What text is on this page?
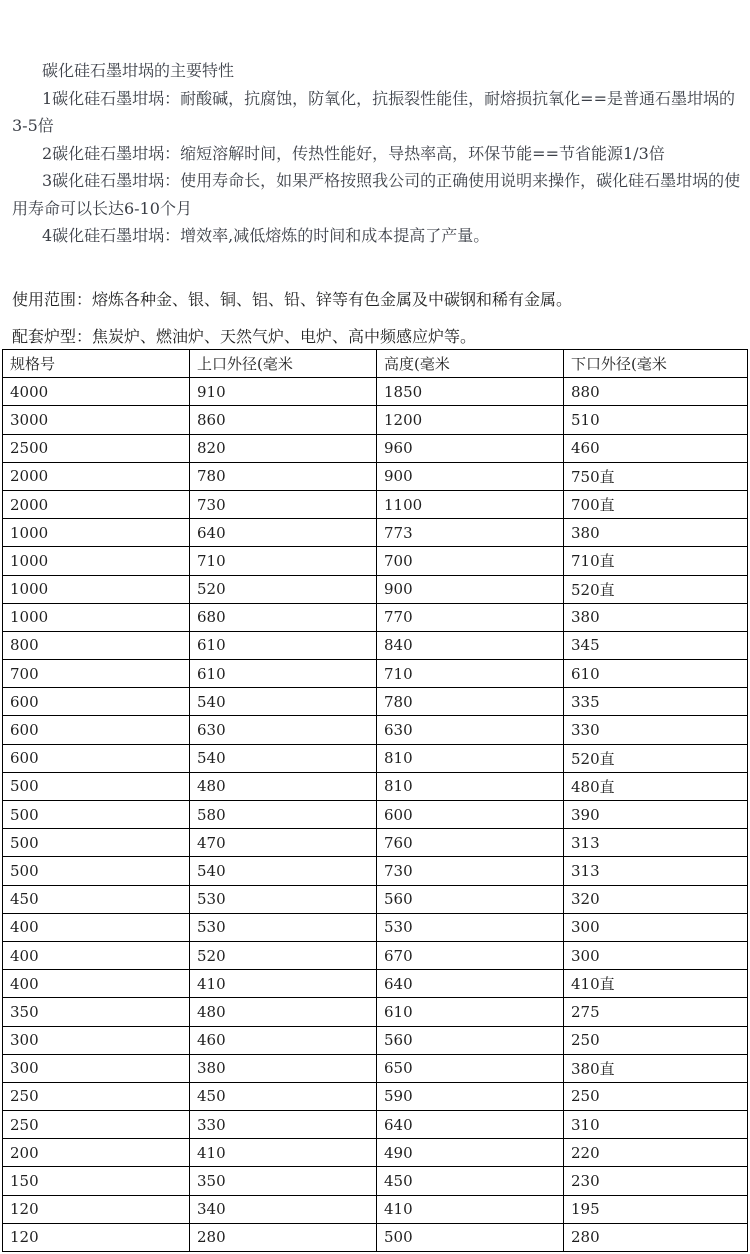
碳化硅石墨坩埚的主要特性

1碳化硅石墨坩埚：耐酸碱，抗腐蚀，防氧化，抗振裂性能佳，耐熔损抗氧化==是普通石墨坩埚的3-5倍

2碳化硅石墨坩埚：缩短溶解时间，传热性能好，导热率高，环保节能==节省能源1/3倍

3碳化硅石墨坩埚：使用寿命长，如果严格按照我公司的正确使用说明来操作，碳化硅石墨坩埚的使用寿命可以长达6-10个月

4碳化硅石墨坩埚：增效率,减低熔炼的时间和成本提高了产量。

使用范围：熔炼各种金、银、铜、铝、铅、锌等有色金属及中碳钢和稀有金属。
配套炉型：焦炭炉、燃油炉、天然气炉、电炉、高中频感应炉等。
规格号	上口外径(毫米	高度(毫米	下口外径(毫米
4000	910	1850	880
3000	860	1200	510
2500	820	960	460
2000	780	900	750直
2000	730	1100	700直
1000	640	773	380
1000	710	700	710直
1000	520	900	520直
1000	680	770	380
800	610	840	345
700	610	710	610
600	540	780	335
600	630	630	330
600	540	810	520直
500	480	810	480直
500	580	600	390
500	470	760	313
500	540	730	313
450	530	560	320
400	530	530	300
400	520	670	300
400	410	640	410直
350	480	610	275
300	460	560	250
300	380	650	380直
250	450	590	250
250	330	640	310
200	410	490	220
150	350	450	230
120	340	410	195
120	280	500	280
